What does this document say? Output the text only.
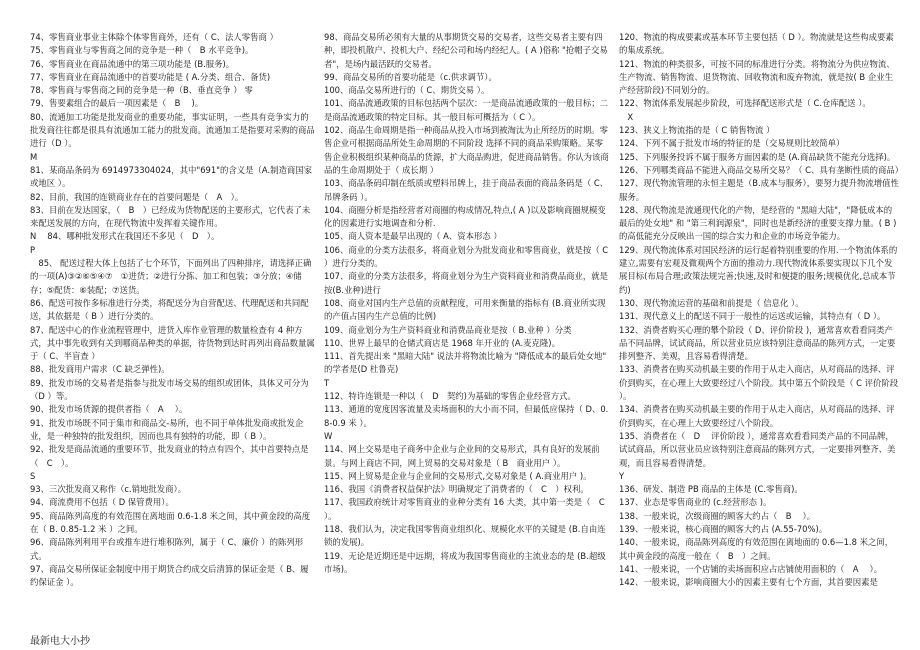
74、零售商业事业主体除个体零售商外，还有（ C、法人零售商 ）
75、零售商业与零售商之间的竞争是一种（　B 水平竞争)。
76、零售商业在商品流通中的第三项功能是 (B.服务)。
77、零售商业在商品流通中的首要功能是 ( A.分类、组合、备货)
78、零售商与零售商之间的竞争是一种（B、垂直竞争 ） 零
79、售要素组合的最后一项因素是（　B　 )。
80、流通加工功能是批发商业的重要功能，事实证明，一些具有竞争实力的批发商往往都是很具有流通加工能力的批发商。流通加工是指要对采购的商品进行（D ）。
M
81、某商品条码为 6914973304024，其中"691"的含义是（A.制造商国家或地区 ）。
82、目前，我国的连锁商业存在的首要问题是（　A　）。
83、目前在发达国家，（　B　）已经成为货物配送的主要形式，它代表了未来配送发展的方向，在现代物流中发挥着关键作用。
N　 84、哪种批发形式在我国还不多见（　D　）。
P
　85、 配送过程大体上包括了七个环节，下面列出了四种排序，请选择正确的一项(A)③②⑥⑤④⑦　①进货；②进行分拣、加工和包装；③分放；④储存；⑤配货：⑥装配；⑦送货。
86、配送可按作多标准进行分类，将配送分为自营配送、代理配送和共同配送，其依据是（ B ）进行分类的。
87、配送中心的作业流程管理中，进货入库作业管理的数量检查有 4 种方式，其中事先收到有关到哪商品种类的单据，待货物到达时再列出商品数量属于（ C、半盲查 ）
88、批发商用户需求（C 缺乏弹性)。
89、批发市场的交易者是指参与批发市场交易的组织或团体，具体又可分为（D ）等。
90、批发市场货源的提供者指（　A　 ）。
91、批发市场既不同于集市和商品交-易所，也不同于单体批发商或批发企业，是一种独特的批发组织，因而也具有独特的功能，即（ B ）。
92、批发是商品流通的重要环节，批发商业的特点有四个，其中首要特点是（　C　）。
S
93、三次批发商又称作（c.销地批发商）。
94、商流费用不包括（ D 保管费用）。
95、商品陈列高度的有效范围在离地面 0.6-1.8 米之间，其中黄金段的高度在（ B. 0.85-1.2 米 ）之间。
96、商品陈列利用平台或推车进行堆积陈列，属于（ C、廉价 ）的陈列形式。
97、商品交易所保证金制度中用于期货合约成交后清算的保证金是（ B、履约保证金 ）。
98、商品交易所必须有大量的从事期货交易的交易者，这些交易者主要有四种，即投机散户、投机大户、经纪公司和场内经纪人。( A )俗称 "抢帽子交易者"，是场内最活跃的交易者。
99、商品交易所的首要功能是（c.供求调节）。
100、商品交易所进行的（ C、期货交易 ）。
101、商品流通政策的目标包括两个层次：一是商品流通政策的一般目标；二是商品流通政策的特定目标。其一般目标可概括为（ C ）。
102、商品生命周期是指一种商品从投入市场到被淘汰为止所经历的时期。零售企业可根据商品所处生命周期的不同阶段 选择不同的商品采购策略。某零售企业积极组织某种商品的货源，扩大商品购进，促进商品销售。你认为该商品的生命周期处于（ 成长期 ）
103、商品条码印制在纸质或塑料吊牌上，挂于商品表面的商品条码是（ C、吊牌条码 ）。
104、商圈分析是指经营者对商圈的构成情况,特点,( A )以及影响商圈规模变化的因素进行实地调查和分析.
105、商人资本是最早出现的（ A、资本形态 ）
106、商业的分类方法很多，将商业划分为批发商业和零售商业，就是按（ C ）进行分类的。
107、商业的分类方法很多，将商业划分为生产资料商业和消费品商业，就是按(B.业种)进行
108、商业对国内生产总值的贡献程度，可用来衡量的指标有 (B.商业所实现的产值占国内生产总值的比例)
109、商业划分为生产资料商业和消费品商业是按（ B.业种 ）分类
110、世界上最早的仓储式商店是 1968 年开业的 (A.麦克隆)。
111、首先提出来 "黑暗大陆" 说法并将物流比喻为 "降低成本的最后处女地" 的学者是(D 杜鲁克)
T
112、特许连锁是一种以（　D　契约)为基础的零售企业经营方式。
113、通道的宽度因客流量及卖场面积的大小而不同，但最低应保持（ D、0.8-0.9 米 ）。
W
114、网上交易是电子商务中企业与企业间的交易形式，具有良好的发展前景。与网上商店不同，网上贸易的交易对象是（ B　商业用户 ）。
115、网上贸易是企业与企业间的交易形式,交易对象是 ( A.商业用户 )。
116、我国《消费者权益保护法》明确规定了消费者的（　C　）权利。
117、我国政府统计对零售商业的业种分类有 16 大类，其中第一类是（　C　）。
118、我们认为，决定我国零售商业组织化、规模化水平的关键是 (B.自由连锁的发展)。
119、无论是近期还是中远期，将成为我国零售商业的主流业态的是 (B.超级市场)。
120、物流的构成要素或基本环节主要包括（ D ）。物流就是这些构成要素的集成系统。
121、物流的种类很多，可按不同的标准进行分类。将物流分为供应物流、生产物流、销售物流、退货物流、回收物流和废弃物流，就是按( B 企业生产经营阶段)不同划分的。
122、物流体系发展起步阶段，可选择配送形式是（ C.仓库配送 ）。
　X
123、狭义上物流指的是（ C 销售物流 ）
124、下列不属于批发市场的特征的是（交易规则比较简单）
125、下列服务投诉不属于服务方面因素的是 (A.商品缺货不能充分选择)。
126、下列哪类商品不能进入商品交易所交易？（ C、具有垄断性质的商品）
127、现代物流管理的永恒主题是（B.成本与服务），要努力提升物流增值性服务。
128、现代物流是流通现代化的产物，是经营的 "黑暗大陆"，"降低成本的最后的处女地" 和 "第三利润源泉"，同时也是新经济的重要支撑力量。( B )的高低能充分反映出一国的综合实力和企业的市场竞争能力。
129、现代物流体系对国民经济的运行起着特别重要的作用.一个物流体系的建立,需要有宏观及微观两个方面的推动力.现代物流体系要实现以下几个发展目标(布局合理;政策法规完善;快速,及时和便捷的服务;规模优化,总成本节约)
130、现代物流运营的基础和前提是（ 信息化 ）。
131、现代意义上的配送不同于一般性的运送或运输，其特点有（ D ）。
132、消费者购买心理的攀个阶段（ D、评价阶段 )，通常喜欢看看同类产品不同品牌，试试商品，所以营业员应该特别注意商品的陈列方式，一定要排列整齐、美观，且容易看得清楚。
133、消费者在购买动机最主要的作用于从走入商店，从对商品的选择、评价到购买，在心理上大致要经过八个阶段。其中第五个阶段是（ C 评价阶段 ）。
134、消费者在购买动机最主要的作用于从走入商店，从对商品的选择、评价到购买，在心理上大致要经过八个阶段。
135、消费者在（　D　 评价阶段 ），通常喜欢看看同类产品的不同品牌，试试商品，所以营业员应该特别注意商品的陈列方式，一定要排列整齐、美观，而且容易看得清楚。
Y
136、研发、制造 PB 商品的主体是 (C.零售商)。
137、业态是零售商业的 (c.经营形态 )。
138、一般来说，次级商圈的顾客大约占（　B　 ）。
139、一般来说，核心商圈的顾客大约占 (A.55-70%)。
140、一般来说，商品陈列高度的有效范围在离地面的 0.6—1.8 米之间，其中黄金段的高度一般在（　B　）之间。
141、一般来说，一个店铺的卖场面积应占店铺使用面积的（　A　 ）。
142、一般来说，影响商圈大小的因素主要有七个方面，其首要因素是
最新电大小抄
